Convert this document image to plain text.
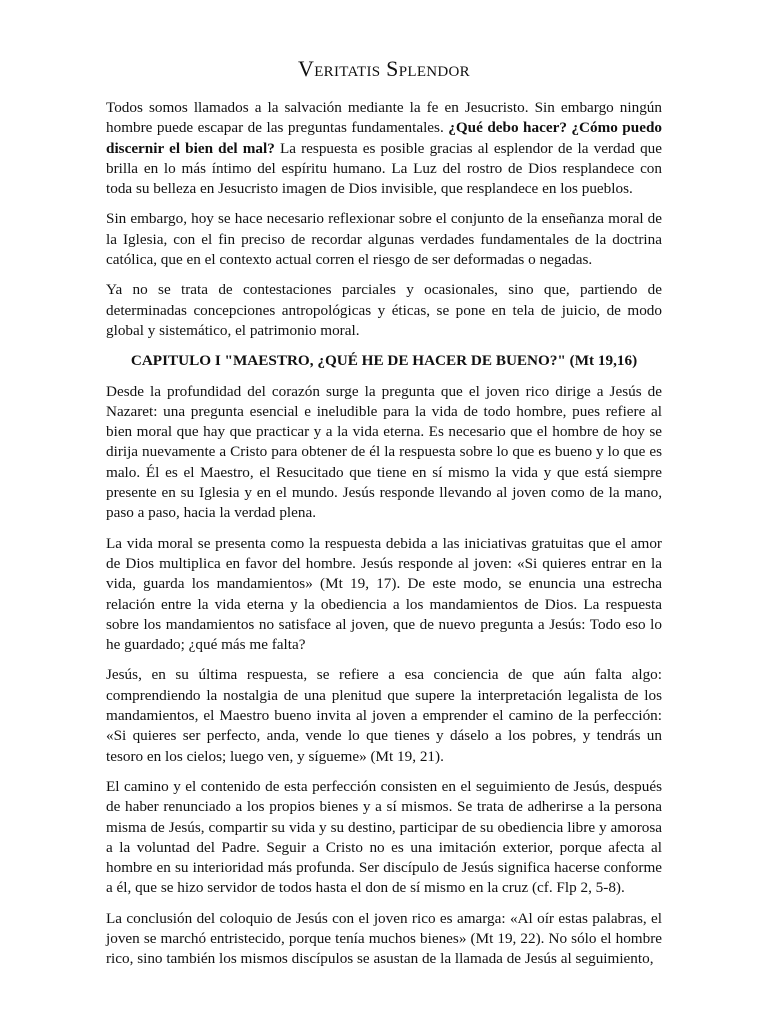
Veritatis Splendor

Todos somos llamados a la salvación mediante la fe en Jesucristo. Sin embargo ningún hombre puede escapar de las preguntas fundamentales. ¿Qué debo hacer? ¿Cómo puedo discernir el bien del mal? La respuesta es posible gracias al esplendor de la verdad que brilla en lo más íntimo del espíritu humano. La Luz del rostro de Dios resplandece con toda su belleza en Jesucristo imagen de Dios invisible, que resplandece en los pueblos.

Sin embargo, hoy se hace necesario reflexionar sobre el conjunto de la enseñanza moral de la Iglesia, con el fin preciso de recordar algunas verdades fundamentales de la doctrina católica, que en el contexto actual corren el riesgo de ser deformadas o negadas.

Ya no se trata de contestaciones parciales y ocasionales, sino que, partiendo de determinadas concepciones antropológicas y éticas, se pone en tela de juicio, de modo global y sistemático, el patrimonio moral.

CAPITULO I "MAESTRO, ¿QUÉ HE DE HACER DE BUENO?" (Mt 19,16)

Desde la profundidad del corazón surge la pregunta que el joven rico dirige a Jesús de Nazaret: una pregunta esencial e ineludible para la vida de todo hombre, pues refiere al bien moral que hay que practicar y a la vida eterna. Es necesario que el hombre de hoy se dirija nuevamente a Cristo para obtener de él la respuesta sobre lo que es bueno y lo que es malo. Él es el Maestro, el Resucitado que tiene en sí mismo la vida y que está siempre presente en su Iglesia y en el mundo. Jesús responde llevando al joven como de la mano, paso a paso, hacia la verdad plena.

La vida moral se presenta como la respuesta debida a las iniciativas gratuitas que el amor de Dios multiplica en favor del hombre. Jesús responde al joven: «Si quieres entrar en la vida, guarda los mandamientos» (Mt 19, 17). De este modo, se enuncia una estrecha relación entre la vida eterna y la obediencia a los mandamientos de Dios. La respuesta sobre los mandamientos no satisface al joven, que de nuevo pregunta a Jesús: Todo eso lo he guardado; ¿qué más me falta?

Jesús, en su última respuesta, se refiere a esa conciencia de que aún falta algo: comprendiendo la nostalgia de una plenitud que supere la interpretación legalista de los mandamientos, el Maestro bueno invita al joven a emprender el camino de la perfección: «Si quieres ser perfecto, anda, vende lo que tienes y dáselo a los pobres, y tendrás un tesoro en los cielos; luego ven, y sígueme» (Mt 19, 21).

El camino y el contenido de esta perfección consisten en el seguimiento de Jesús, después de haber renunciado a los propios bienes y a sí mismos. Se trata de adherirse a la persona misma de Jesús, compartir su vida y su destino, participar de su obediencia libre y amorosa a la voluntad del Padre. Seguir a Cristo no es una imitación exterior, porque afecta al hombre en su interioridad más profunda. Ser discípulo de Jesús significa hacerse conforme a él, que se hizo servidor de todos hasta el don de sí mismo en la cruz (cf. Flp 2, 5-8).

La conclusión del coloquio de Jesús con el joven rico es amarga: «Al oír estas palabras, el joven se marchó entristecido, porque tenía muchos bienes» (Mt 19, 22). No sólo el hombre rico, sino también los mismos discípulos se asustan de la llamada de Jesús al seguimiento,
